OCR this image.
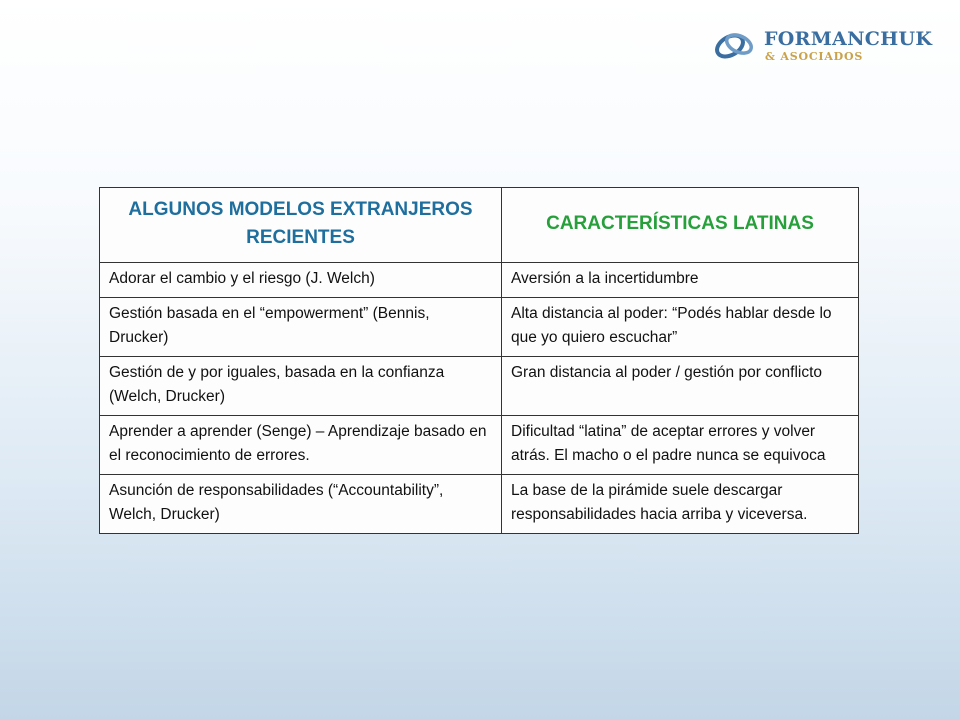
FORMANCHUK
& ASOCIADOS
ALGUNOS MODELOS EXTRANJEROS RECIENTES	CARACTERÍSTICAS LATINAS
Adorar el cambio y el riesgo (J. Welch)	Aversión a la incertidumbre
Gestión basada en el “empowerment” (Bennis, Drucker)	Alta distancia al poder: “Podés hablar desde lo que yo quiero escuchar”
Gestión de y por iguales, basada en la confianza (Welch, Drucker)	Gran distancia al poder / gestión por conflicto
Aprender a aprender (Senge) – Aprendizaje basado en el reconocimiento de errores.	Dificultad “latina” de aceptar errores y volver atrás. El macho o el padre nunca se equivoca
Asunción de responsabilidades (“Accountability”, Welch, Drucker)	La base de la pirámide suele descargar responsabilidades hacia arriba y viceversa.
